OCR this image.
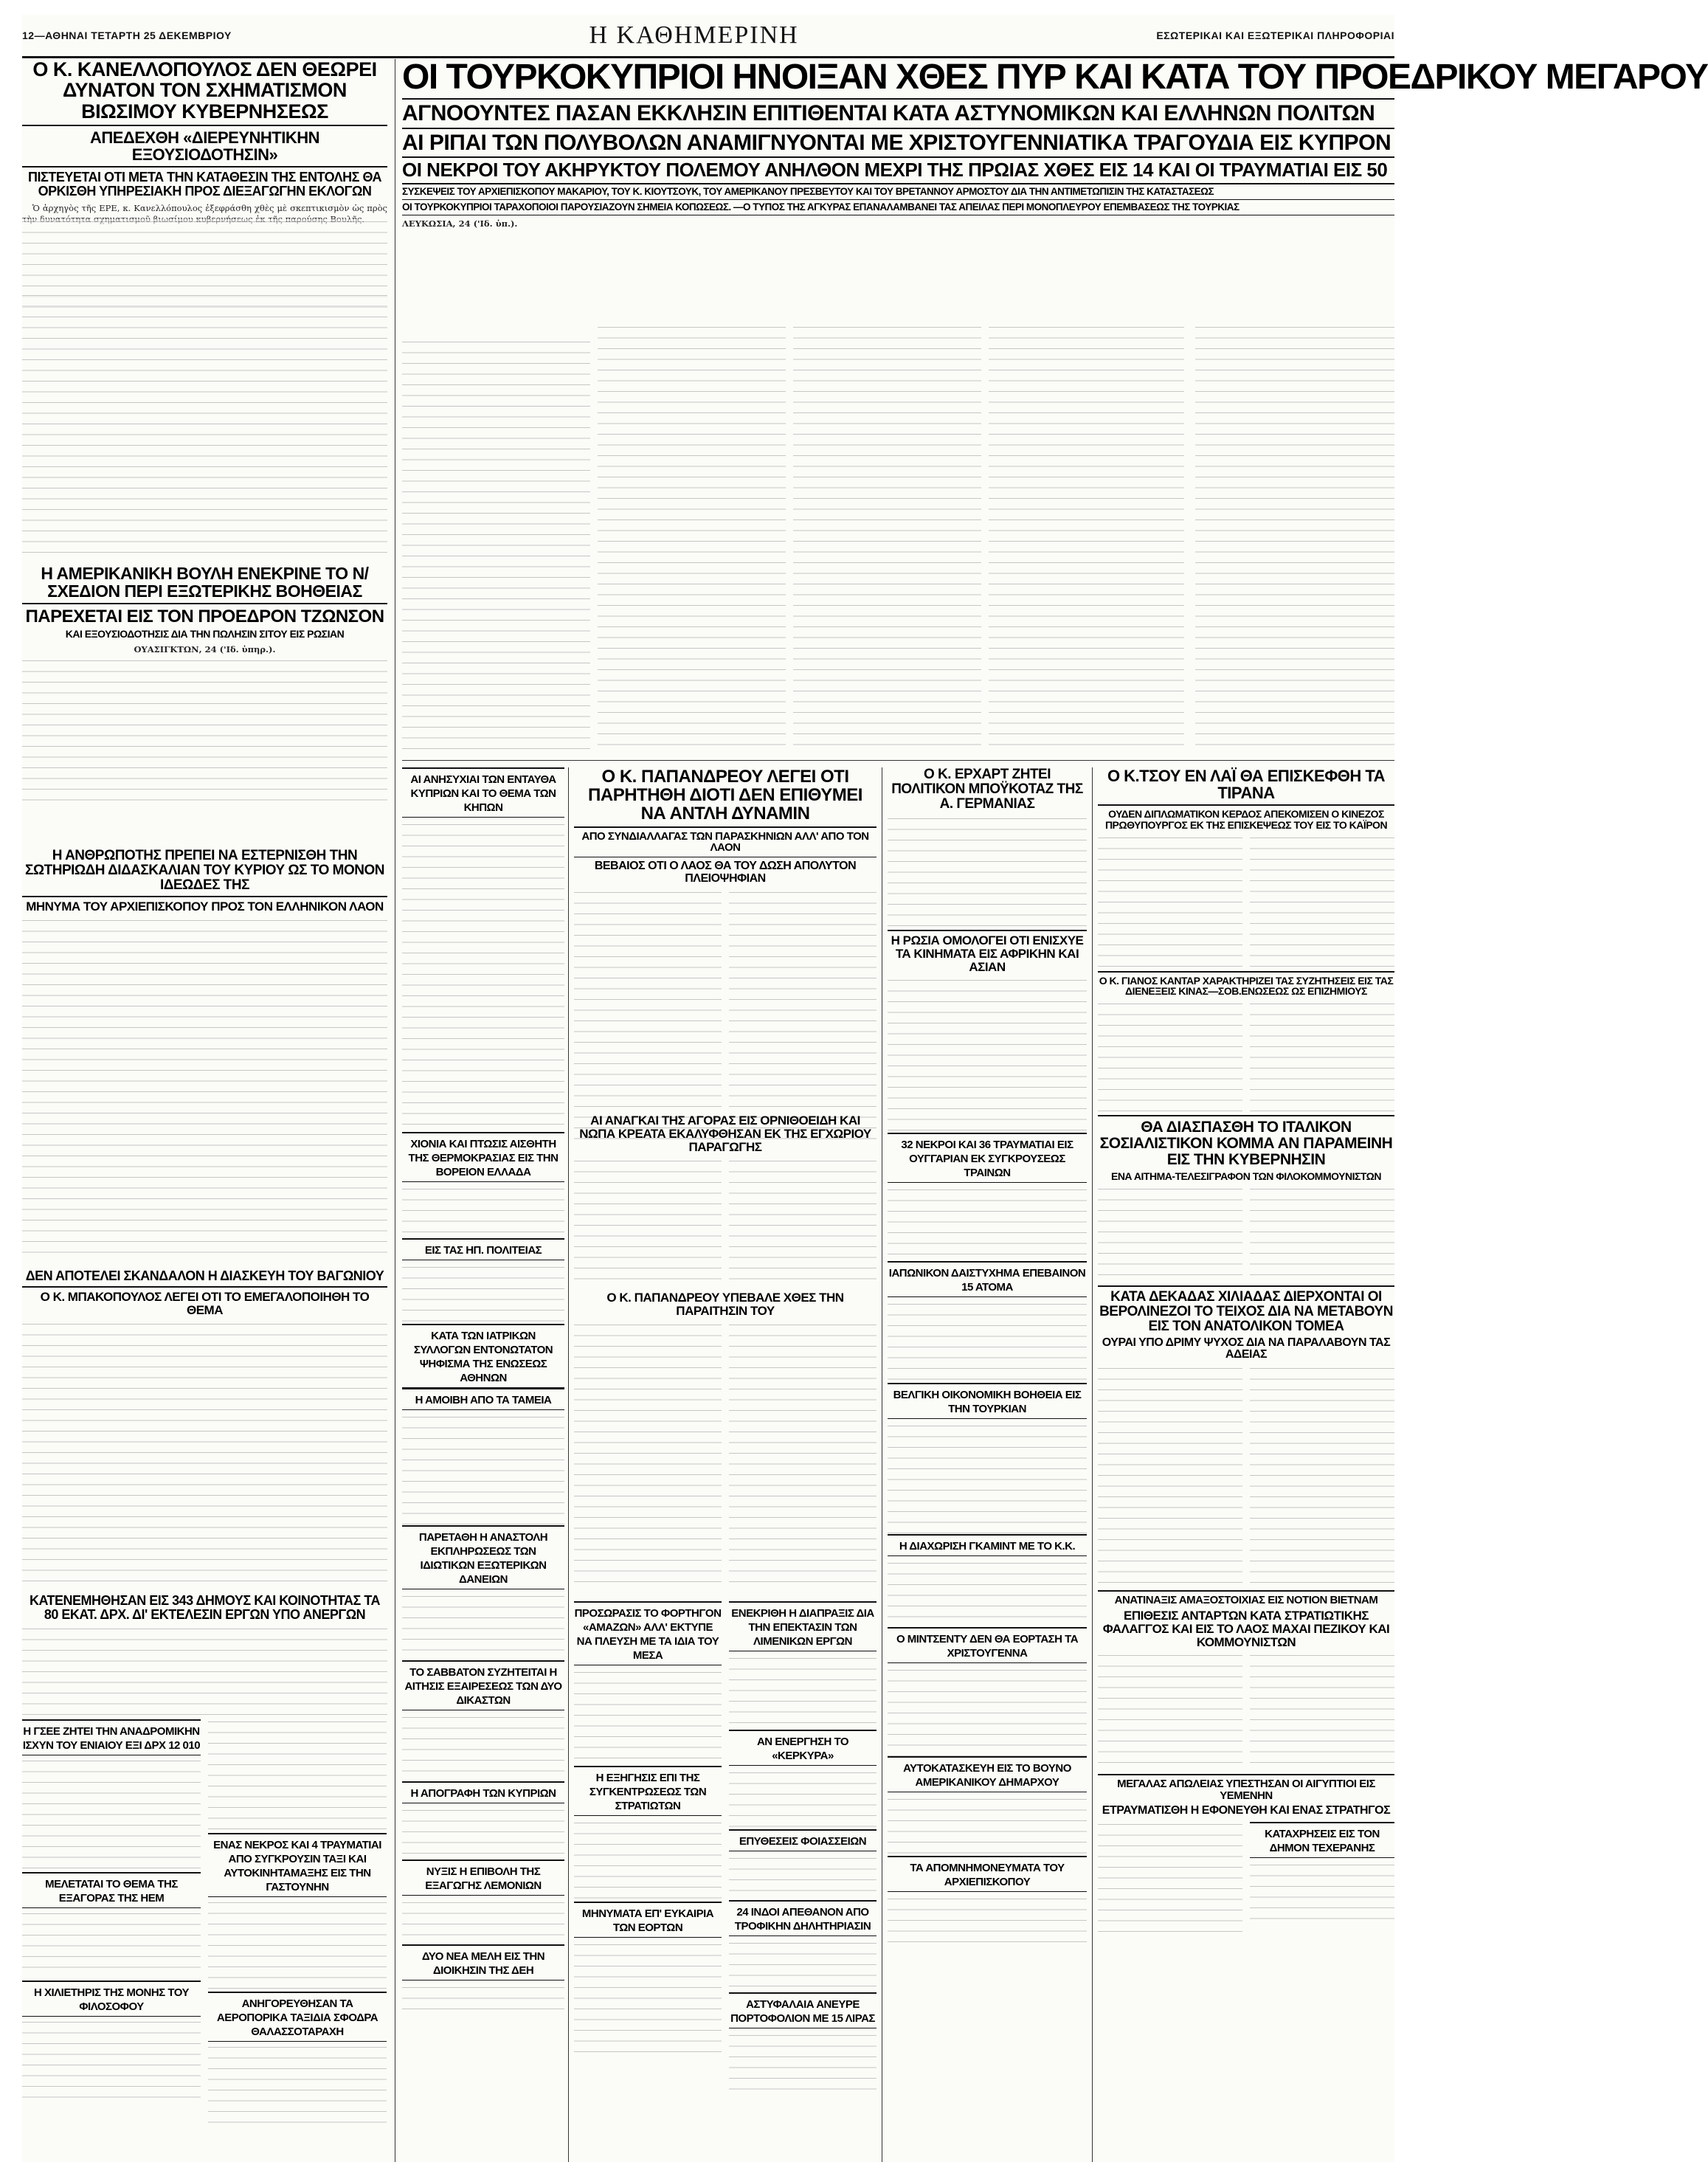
12—ΑΘΗΝΑΙ ΤΕΤΑΡΤΗ 25 ΔΕΚΕΜΒΡΙΟΥ	Η ΚΑΘΗΜΕΡΙΝΗ	ΕΣΩΤΕΡΙΚΑΙ ΚΑΙ ΕΞΩΤΕΡΙΚΑΙ ΠΛΗΡΟΦΟΡΙΑΙ
Ο Κ. ΚΑΝΕΛΛΟΠΟΥΛΟΣ ΔΕΝ ΘΕΩΡΕΙ ΔΥΝΑΤΟΝ ΤΟΝ ΣΧΗΜΑΤΙΣΜΟΝ ΒΙΩΣΙΜΟΥ ΚΥΒΕΡΝΗΣΕΩΣ
ΑΠΕΔΕΧΘΗ «ΔΙΕΡΕΥΝΗΤΙΚΗΝ ΕΞΟΥΣΙΟΔΟΤΗΣΙΝ»
ΠΙΣΤΕΥΕΤΑΙ ΟΤΙ ΜΕΤΑ ΤΗΝ ΚΑΤΑΘΕΣΙΝ ΤΗΣ ΕΝΤΟΛΗΣ ΘΑ ΟΡΚΙΣΘΗ ΥΠΗΡΕΣΙΑΚΗ ΠΡΟΣ ΔΙΕΞΑΓΩΓΗΝ ΕΚΛΟΓΩΝ

Ὁ ἀρχηγὸς τῆς ΕΡΕ, κ. Κανελλόπουλος ἐξεφράσθη χθὲς μὲ σκεπτικισμὸν ὡς πρὸς

Η ΑΜΕΡΙΚΑΝΙΚΗ ΒΟΥΛΗ ΕΝΕΚΡΙΝΕ ΤΟ Ν/ΣΧΕΔΙΟΝ ΠΕΡΙ ΕΞΩΤΕΡΙΚΗΣ ΒΟΗΘΕΙΑΣ
ΠΑΡΕΧΕΤΑΙ ΕΙΣ ΤΟΝ ΠΡΟΕΔΡΟΝ ΤΖΩΝΣΟΝ
ΚΑΙ ΕΞΟΥΣΙΟΔΟΤΗΣΙΣ ΔΙΑ ΤΗΝ ΠΩΛΗΣΙΝ ΣΙΤΟΥ ΕΙΣ ΡΩΣΙΑΝ
ΟΥΑΣΙΓΚΤΩΝ, 24 ('Ιδ. ὑπηρ.).
Η ΑΝΘΡΩΠΟΤΗΣ ΠΡΕΠΕΙ ΝΑ ΕΣΤΕΡΝΙΣΘΗ ΤΗΝ ΣΩΤΗΡΙΩΔΗ ΔΙΔΑΣΚΑΛΙΑΝ ΤΟΥ ΚΥΡΙΟΥ ΩΣ ΤΟ ΜΟΝΟΝ ΙΔΕΩΔΕΣ ΤΗΣ
ΜΗΝΥΜΑ ΤΟΥ ΑΡΧΙΕΠΙΣΚΟΠΟΥ ΠΡΟΣ ΤΟΝ ΕΛΛΗΝΙΚΟΝ ΛΑΟΝ
ΔΕΝ ΑΠΟΤΕΛΕΙ ΣΚΑΝΔΑΛΟΝ Η ΔΙΑΣΚΕΥΗ ΤΟΥ ΒΑΓΩΝΙΟΥ
Ο Κ. ΜΠΑΚΟΠΟΥΛΟΣ ΛΕΓΕΙ ΟΤΙ ΤΟ ΕΜΕΓΑΛΟΠΟΙΗΘΗ ΤΟ ΘΕΜΑ
ΚΑΤΕΝΕΜΗΘΗΣΑΝ ΕΙΣ 343 ΔΗΜΟΥΣ ΚΑΙ ΚΟΙΝΟΤΗΤΑΣ ΤΑ 80 ΕΚΑΤ. ΔΡΧ. ΔΙ' ΕΚΤΕΛΕΣΙΝ ΕΡΓΩΝ ΥΠΟ ΑΝΕΡΓΩΝ
Η ΓΣΕΕ ΖΗΤΕΙ ΤΗΝ ΑΝΑΔΡΟΜΙΚΗΝ ΙΣΧΥΝ ΤΟΥ ΕΝΙΑΙΟΥ ΕΞΙ ΔΡΧ 12 010
ΜΕΛΕΤΑΤΑΙ ΤΟ ΘΕΜΑ ΤΗΣ ΕΞΑΓΟΡΑΣ ΤΗΣ ΗΕΜ
Η ΧΙΛΙΕΤΗΡΙΣ ΤΗΣ ΜΟΝΗΣ ΤΟΥ ΦΙΛΟΣΟΦΟΥ
ΕΝΑΣ ΝΕΚΡΟΣ ΚΑΙ 4 ΤΡΑΥΜΑΤΙΑΙ ΑΠΟ ΣΥΓΚΡΟΥΣΙΝ ΤΑΞΙ ΚΑΙ ΑΥΤΟΚΙΝΗΤΑΜΑΞΗΣ ΕΙΣ ΤΗΝ ΓΑΣΤΟΥΝΗΝ
ΑΝΗΓΟΡΕΥΘΗΣΑΝ ΤΑ ΑΕΡΟΠΟΡΙΚΑ ΤΑΞΙΔΙΑ ΣΦΟΔΡΑ ΘΑΛΑΣΣΟΤΑΡΑΧΗ
ΟΙ ΤΟΥΡΚΟΚΥΠΡΙΟΙ ΗΝΟΙΞΑΝ ΧΘΕΣ ΠΥΡ ΚΑΙ ΚΑΤΑ ΤΟΥ ΠΡΟΕΔΡΙΚΟΥ ΜΕΓΑΡΟΥ
ΑΓΝΟΟΥΝΤΕΣ ΠΑΣΑΝ ΕΚΚΛΗΣΙΝ ΕΠΙΤΙΘΕΝΤΑΙ ΚΑΤΑ ΑΣΤΥΝΟΜΙΚΩΝ ΚΑΙ ΕΛΛΗΝΩΝ ΠΟΛΙΤΩΝ
ΑΙ ΡΙΠΑΙ ΤΩΝ ΠΟΛΥΒΟΛΩΝ ΑΝΑΜΙΓΝΥΟΝΤΑΙ ΜΕ ΧΡΙΣΤΟΥΓΕΝΝΙΑΤΙΚΑ ΤΡΑΓΟΥΔΙΑ ΕΙΣ ΚΥΠΡΟΝ
ΟΙ ΝΕΚΡΟΙ ΤΟΥ ΑΚΗΡΥΚΤΟΥ ΠΟΛΕΜΟΥ ΑΝΗΛΘΟΝ ΜΕΧΡΙ ΤΗΣ ΠΡΩΙΑΣ ΧΘΕΣ ΕΙΣ 14 ΚΑΙ ΟΙ ΤΡΑΥΜΑΤΙΑΙ ΕΙΣ 50
ΣΥΣΚΕΨΕΙΣ ΤΟΥ ΑΡΧΙΕΠΙΣΚΟΠΟΥ ΜΑΚΑΡΙΟΥ, ΤΟΥ Κ. ΚΙΟΥΤΣΟΥΚ, ΤΟΥ ΑΜΕΡΙΚΑΝΟΥ ΠΡΕΣΒΕΥΤΟΥ ΚΑΙ ΤΟΥ ΒΡΕΤΑΝΝΟΥ ΑΡΜΟΣΤΟΥ ΔΙΑ ΤΗΝ ΑΝΤΙΜΕΤΩΠΙΣΙΝ ΤΗΣ ΚΑΤΑΣΤΑΣΕΩΣ
ΟΙ ΤΟΥΡΚΟΚΥΠΡΙΟΙ ΤΑΡΑΧΟΠΟΙΟΙ ΠΑΡΟΥΣΙΑΖΟΥΝ ΣΗΜΕΙΑ ΚΟΠΩΣΕΩΣ. —Ο ΤΥΠΟΣ ΤΗΣ ΑΓΚΥΡΑΣ ΕΠΑΝΑΛΑΜΒΑΝΕΙ ΤΑΣ ΑΠΕΙΛΑΣ ΠΕΡΙ ΜΟΝΟΠΛΕΥΡΟΥ ΕΠΕΜΒΑΣΕΩΣ ΤΗΣ ΤΟΥΡΚΙΑΣ
ΛΕΥΚΩΣΙΑ, 24 ('Ιδ. ὑπ.).
ΑΙ ΑΝΗΣΥΧΙΑΙ ΤΩΝ ΕΝΤΑΥΘΑ ΚΥΠΡΙΩΝ ΚΑΙ ΤΟ ΘΕΜΑ ΤΩΝ ΚΗΠΩΝ
ΧΙΟΝΙΑ ΚΑΙ ΠΤΩΣΙΣ ΑΙΣΘΗΤΗ ΤΗΣ ΘΕΡΜΟΚΡΑΣΙΑΣ ΕΙΣ ΤΗΝ ΒΟΡΕΙΟΝ ΕΛΛΑΔΑ
ΕΙΣ ΤΑΣ ΗΠ. ΠΟΛΙΤΕΙΑΣ
ΚΑΤΑ ΤΩΝ ΙΑΤΡΙΚΩΝ ΣΥΛΛΟΓΩΝ ΕΝΤΟΝΩΤΑΤΟΝ ΨΗΦΙΣΜΑ ΤΗΣ ΕΝΩΣΕΩΣ ΑΘΗΝΩΝ
Η ΑΜΟΙΒΗ ΑΠΟ ΤΑ ΤΑΜΕΙΑ
ΠΑΡΕΤΑΘΗ Η ΑΝΑΣΤΟΛΗ ΕΚΠΛΗΡΩΣΕΩΣ ΤΩΝ ΙΔΙΩΤΙΚΩΝ ΕΞΩΤΕΡΙΚΩΝ ΔΑΝΕΙΩΝ
ΤΟ ΣΑΒΒΑΤΟΝ ΣΥΖΗΤΕΙΤΑΙ Η ΑΙΤΗΣΙΣ ΕΞΑΙΡΕΣΕΩΣ ΤΩΝ ΔΥΟ ΔΙΚΑΣΤΩΝ
Η ΑΠΟΓΡΑΦΗ ΤΩΝ ΚΥΠΡΙΩΝ
ΝΥΞΙΣ Η ΕΠΙΒΟΛΗ ΤΗΣ ΕΞΑΓΩΓΗΣ ΛΕΜΟΝΙΩΝ
ΔΥΟ ΝΕΑ ΜΕΛΗ ΕΙΣ ΤΗΝ ΔΙΟΙΚΗΣΙΝ ΤΗΣ ΔΕΗ
Ο Κ. ΠΑΠΑΝΔΡΕΟΥ ΛΕΓΕΙ ΟΤΙ ΠΑΡΗΤΗΘΗ ΔΙΟΤΙ ΔΕΝ ΕΠΙΘΥΜΕΙ ΝΑ ΑΝΤΛΗ ΔΥΝΑΜΙΝ
ΑΠΟ ΣΥΝΔΙΑΛΛΑΓΑΣ ΤΩΝ ΠΑΡΑΣΚΗΝΙΩΝ ΑΛΛ' ΑΠΟ ΤΟΝ ΛΑΟΝ
ΒΕΒΑΙΟΣ ΟΤΙ Ο ΛΑΟΣ ΘΑ ΤΟΥ ΔΩΣΗ ΑΠΟΛΥΤΟΝ ΠΛΕΙΟΨΗΦΙΑΝ
ΑΙ ΑΝΑΓΚΑΙ ΤΗΣ ΑΓΟΡΑΣ ΕΙΣ ΟΡΝΙΘΟΕΙΔΗ ΚΑΙ ΝΩΠΑ ΚΡΕΑΤΑ ΕΚΑΛΥΦΘΗΣΑΝ ΕΚ ΤΗΣ ΕΓΧΩΡΙΟΥ ΠΑΡΑΓΩΓΗΣ
Ο Κ. ΠΑΠΑΝΔΡΕΟΥ ΥΠΕΒΑΛΕ ΧΘΕΣ ΤΗΝ ΠΑΡΑΙΤΗΣΙΝ ΤΟΥ
ΠΡΟΣΩΡΑΣΙΣ ΤΟ ΦΟΡΤΗΓΟΝ «ΑΜΑΖΩΝ» ΑΛΛ' ΕΚΤΥΠΕ ΝΑ ΠΛΕΥΣΗ ΜΕ ΤΑ ΙΔΙΑ ΤΟΥ ΜΕΣΑ
Η ΕΞΗΓΗΣΙΣ ΕΠΙ ΤΗΣ ΣΥΓΚΕΝΤΡΩΣΕΩΣ ΤΩΝ ΣΤΡΑΤΙΩΤΩΝ
ΜΗΝΥΜΑΤΑ ΕΠ' ΕΥΚΑΙΡΙΑ ΤΩΝ ΕΟΡΤΩΝ
ΕΝΕΚΡΙΘΗ Η ΔΙΑΠΡΑΞΙΣ ΔΙΑ ΤΗΝ ΕΠΕΚΤΑΣΙΝ ΤΩΝ ΛΙΜΕΝΙΚΩΝ ΕΡΓΩΝ
ΑΝ ΕΝΕΡΓΗΣΗ ΤΟ «ΚΕΡΚΥΡΑ»
ΕΠΥΘΕΣΕΙΣ ΦΟΙΑΣΣΕΙΩΝ
24 ΙΝΔΟΙ ΑΠΕΘΑΝΟΝ ΑΠΟ ΤΡΟΦΙΚΗΝ ΔΗΛΗΤΗΡΙΑΣΙΝ
ΑΣΤΥΦΑΛΑΙΑ ΑΝΕΥΡΕ ΠΟΡΤΟΦΟΛΙΟΝ ΜΕ 15 ΛΙΡΑΣ
Ο Κ. ΕΡΧΑΡΤ ΖΗΤΕΙ ΠΟΛΙΤΙΚΟΝ ΜΠΟΫΚΟΤΑΖ ΤΗΣ Α. ΓΕΡΜΑΝΙΑΣ
Η ΡΩΣΙΑ ΟΜΟΛΟΓΕΙ ΟΤΙ ΕΝΙΣΧΥΕ ΤΑ ΚΙΝΗΜΑΤΑ ΕΙΣ ΑΦΡΙΚΗΝ ΚΑΙ ΑΣΙΑΝ
32 ΝΕΚΡΟΙ ΚΑΙ 36 ΤΡΑΥΜΑΤΙΑΙ ΕΙΣ ΟΥΓΓΑΡΙΑΝ ΕΚ ΣΥΓΚΡΟΥΣΕΩΣ ΤΡΑΙΝΩΝ
ΙΑΠΩΝΙΚΟΝ ΔΑΙΣΤΥΧΗΜΑ ΕΠΕΒΑΙΝΟΝ 15 ΑΤΟΜΑ
ΒΕΛΓΙΚΗ ΟΙΚΟΝΟΜΙΚΗ ΒΟΗΘΕΙΑ ΕΙΣ ΤΗΝ ΤΟΥΡΚΙΑΝ
Η ΔΙΑΧΩΡΙΣΗ ΓΚΑΜΙΝΤ ΜΕ ΤΟ Κ.Κ.
Ο ΜΙΝΤΣΕΝΤΥ ΔΕΝ ΘΑ ΕΟΡΤΑΣΗ ΤΑ ΧΡΙΣΤΟΥΓΕΝΝΑ
ΑΥΤΟΚΑΤΑΣΚΕΥΗ ΕΙΣ ΤΟ ΒΟΥΝΟ ΑΜΕΡΙΚΑΝΙΚΟΥ ΔΗΜΑΡΧΟΥ
ΤΑ ΑΠΟΜΝΗΜΟΝΕΥΜΑΤΑ ΤΟΥ ΑΡΧΙΕΠΙΣΚΟΠΟΥ
Ο Κ.ΤΣΟΥ ΕΝ ΛΑΪ ΘΑ ΕΠΙΣΚΕΦΘΗ ΤΑ ΤΙΡΑΝΑ
ΟΥΔΕΝ ΔΙΠΛΩΜΑΤΙΚΟΝ ΚΕΡΔΟΣ ΑΠΕΚΟΜΙΣΕΝ Ο ΚΙΝΕΖΟΣ ΠΡΩΘΥΠΟΥΡΓΟΣ ΕΚ ΤΗΣ ΕΠΙΣΚΕΨΕΩΣ ΤΟΥ ΕΙΣ ΤΟ ΚΑΪΡΟΝ
Ο Κ. ΓΙΑΝΟΣ ΚΑΝΤΑΡ ΧΑΡΑΚΤΗΡΙΖΕΙ ΤΑΣ ΣΥΖΗΤΗΣΕΙΣ ΕΙΣ ΤΑΣ ΔΙΕΝΕΞΕΙΣ ΚΙΝΑΣ—ΣΟΒ.ΕΝΩΣΕΩΣ ΩΣ ΕΠΙΖΗΜΙΟΥΣ
ΘΑ ΔΙΑΣΠΑΣΘΗ ΤΟ ΙΤΑΛΙΚΟΝ ΣΟΣΙΑΛΙΣΤΙΚΟΝ ΚΟΜΜΑ ΑΝ ΠΑΡΑΜΕΙΝΗ ΕΙΣ ΤΗΝ ΚΥΒΕΡΝΗΣΙΝ
ΕΝΑ ΑΙΤΗΜΑ-ΤΕΛΕΣΙΓΡΑΦΟΝ ΤΩΝ ΦΙΛΟΚΟΜΜΟΥΝΙΣΤΩΝ
ΚΑΤΑ ΔΕΚΑΔΑΣ ΧΙΛΙΑΔΑΣ ΔΙΕΡΧΟΝΤΑΙ ΟΙ ΒΕΡΟΛΙΝΕΖΟΙ ΤΟ ΤΕΙΧΟΣ ΔΙΑ ΝΑ ΜΕΤΑΒΟΥΝ ΕΙΣ ΤΟΝ ΑΝΑΤΟΛΙΚΟΝ ΤΟΜΕΑ
ΟΥΡΑΙ ΥΠΟ ΔΡΙΜΥ ΨΥΧΟΣ ΔΙΑ ΝΑ ΠΑΡΑΛΑΒΟΥΝ ΤΑΣ ΑΔΕΙΑΣ
ΑΝΑΤΙΝΑΞΙΣ ΑΜΑΞΟΣΤΟΙΧΙΑΣ ΕΙΣ ΝΟΤΙΟΝ ΒΙΕΤΝΑΜ
ΕΠΙΘΕΣΙΣ ΑΝΤΑΡΤΩΝ ΚΑΤΑ ΣΤΡΑΤΙΩΤΙΚΗΣ ΦΑΛΑΓΓΟΣ ΚΑΙ ΕΙΣ ΤΟ ΛΑΟΣ ΜΑΧΑΙ ΠΕΖΙΚΟΥ ΚΑΙ ΚΟΜΜΟΥΝΙΣΤΩΝ
ΜΕΓΑΛΑΣ ΑΠΩΛΕΙΑΣ ΥΠΕΣΤΗΣΑΝ ΟΙ ΑΙΓΥΠΤΙΟΙ ΕΙΣ ΥΕΜΕΝΗΝ
ΕΤΡΑΥΜΑΤΙΣΘΗ Η ΕΦΟΝΕΥΘΗ ΚΑΙ ΕΝΑΣ ΣΤΡΑΤΗΓΟΣ
ΚΑΤΑΧΡΗΣΕΙΣ ΕΙΣ ΤΟΝ ΔΗΜΟΝ ΤΕΧΕΡΑΝΗΣ
